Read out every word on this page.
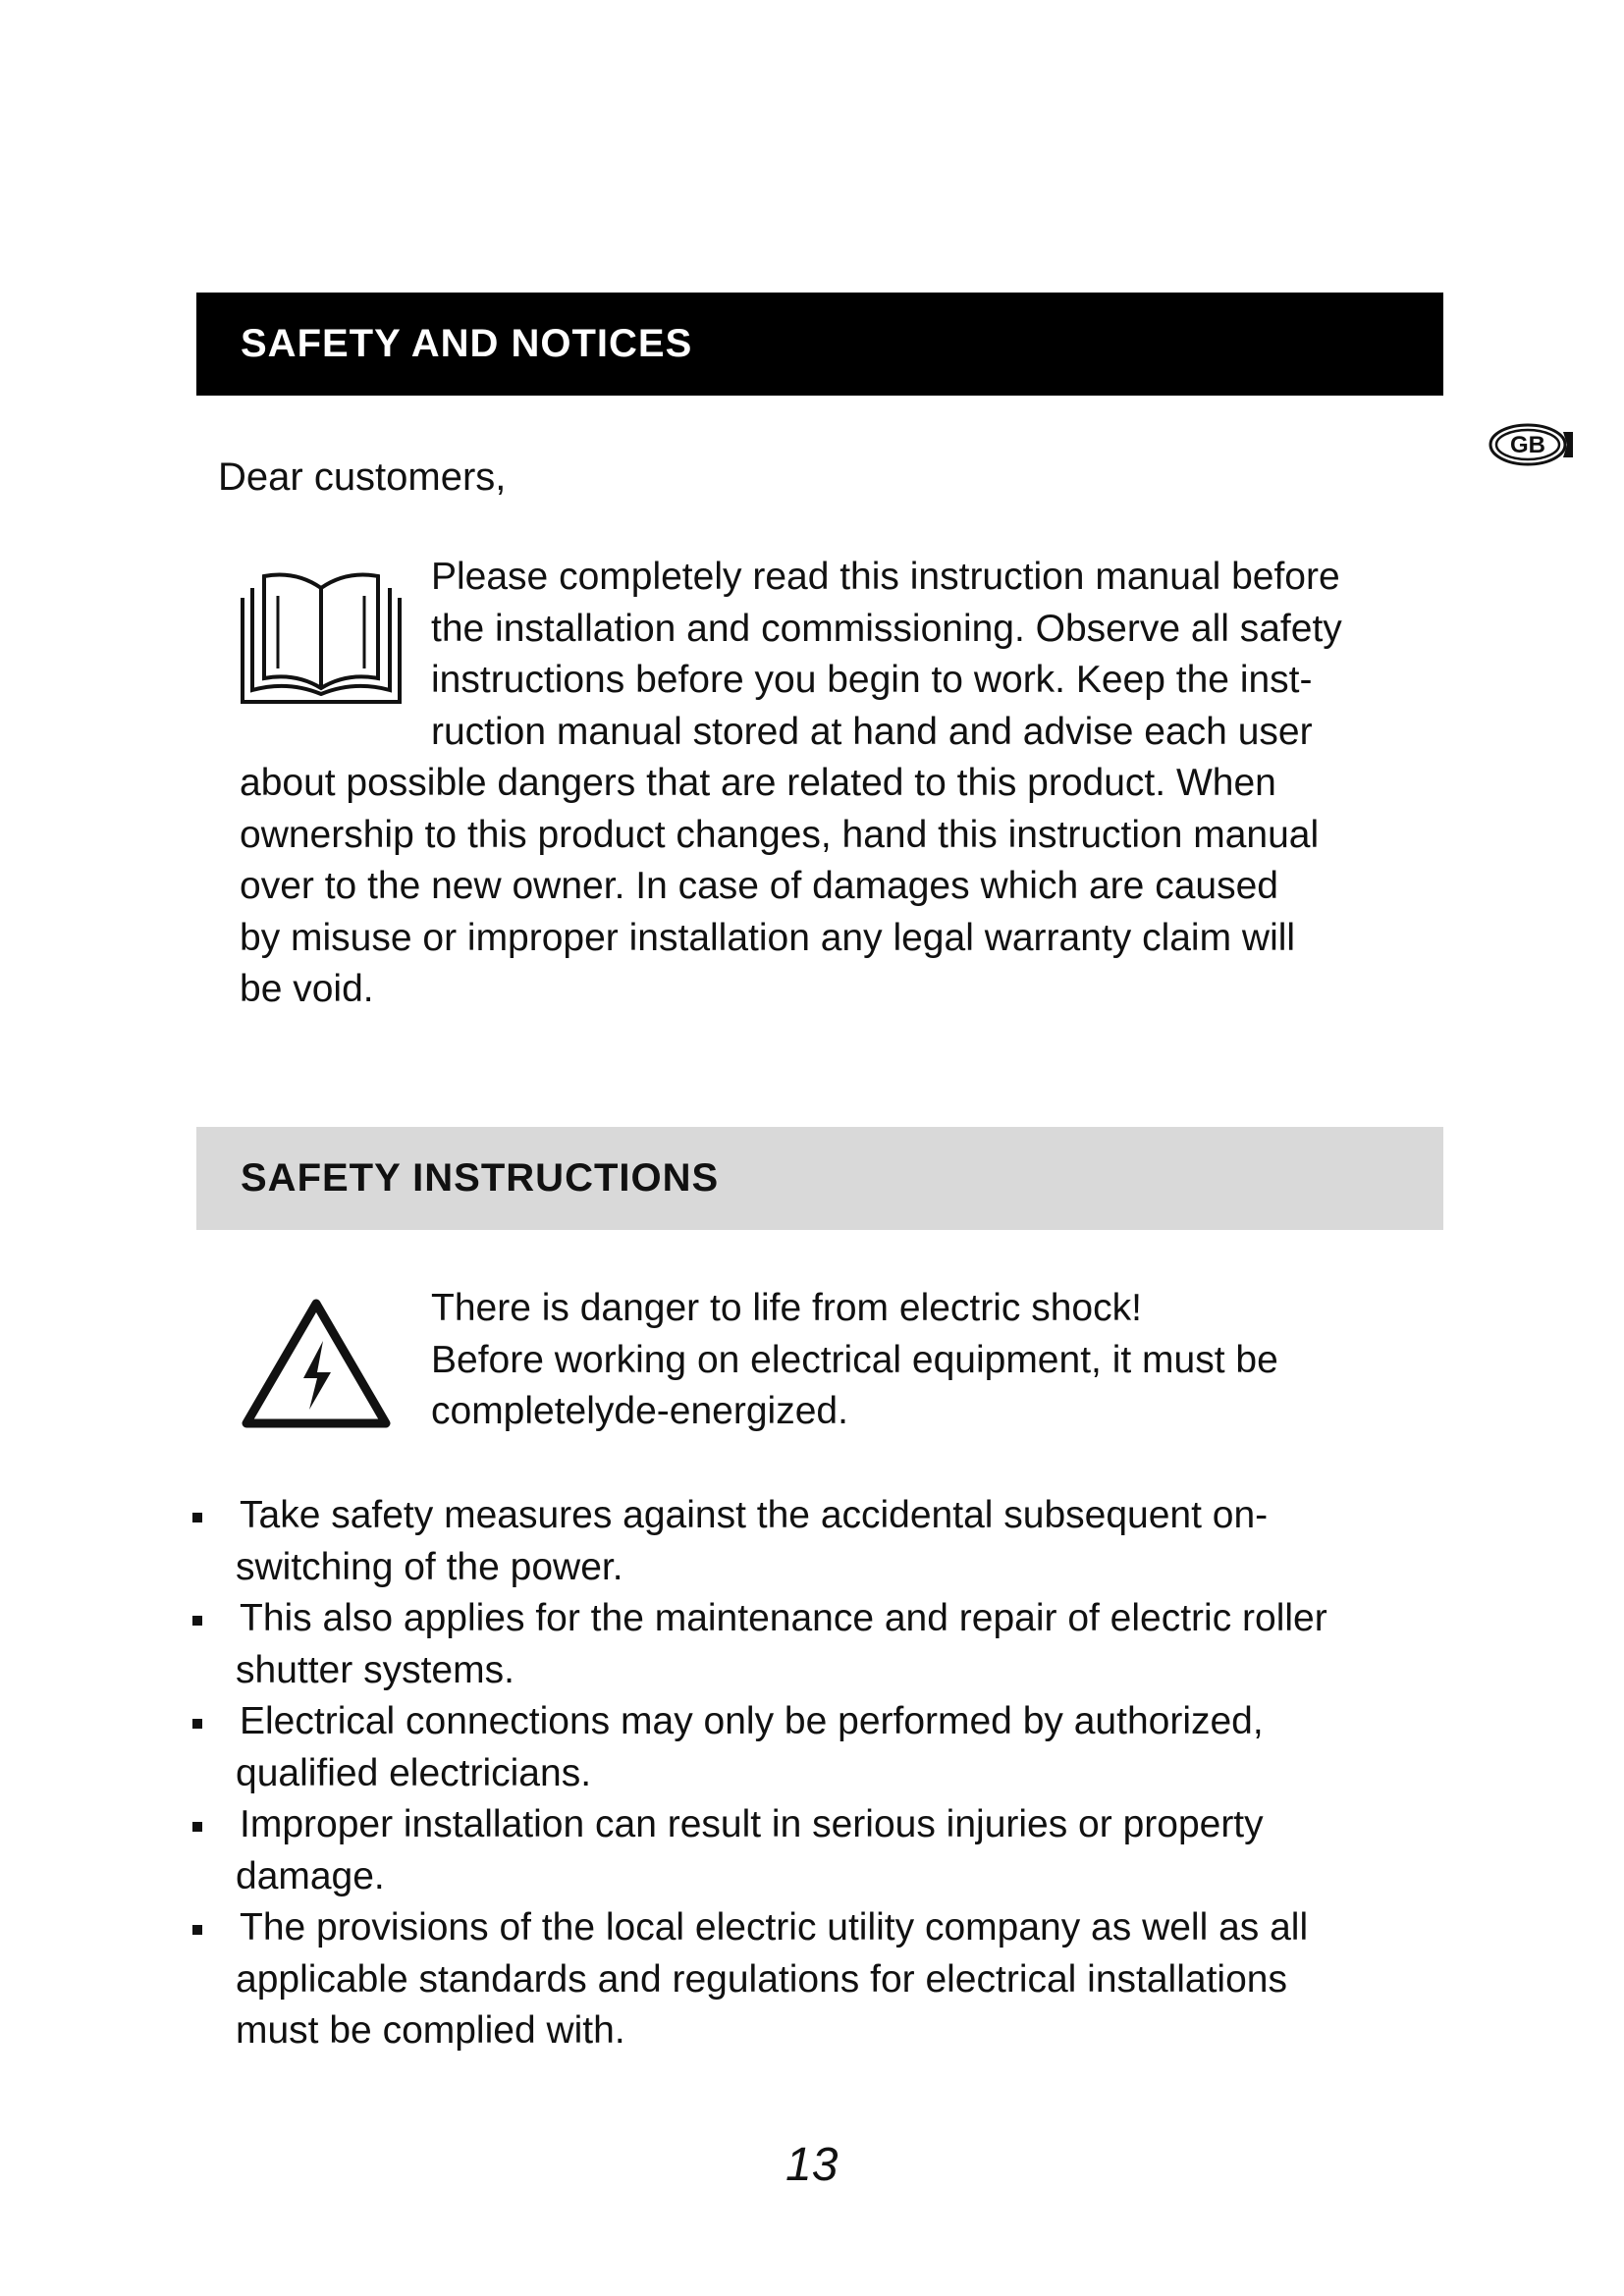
SAFETY AND NOTICES
GB
Dear customers,
Please completely read this instruction manual before
the installation and commissioning. Observe all safety
instructions before you begin to work. Keep the inst-
ruction manual stored at hand and advise each user
about possible dangers that are related to this product. When
ownership to this product changes, hand this instruction manual
over to the new owner. In case of damages which are caused
by misuse or improper installation any legal warranty claim will
be void.
SAFETY INSTRUCTIONS
There is danger to life from electric shock!
Before working on electrical equipment, it must be
completelyde-energized.
Take safety measures against the accidental subsequent on-
switching of the power.
This also applies for the maintenance and repair of electric roller
shutter systems.
Electrical connections may only be performed by authorized,
qualified electricians.
Improper installation can result in serious injuries or property
damage.
The provisions of the local electric utility company as well as all
applicable standards and regulations for electrical installations
must be complied with.
13
